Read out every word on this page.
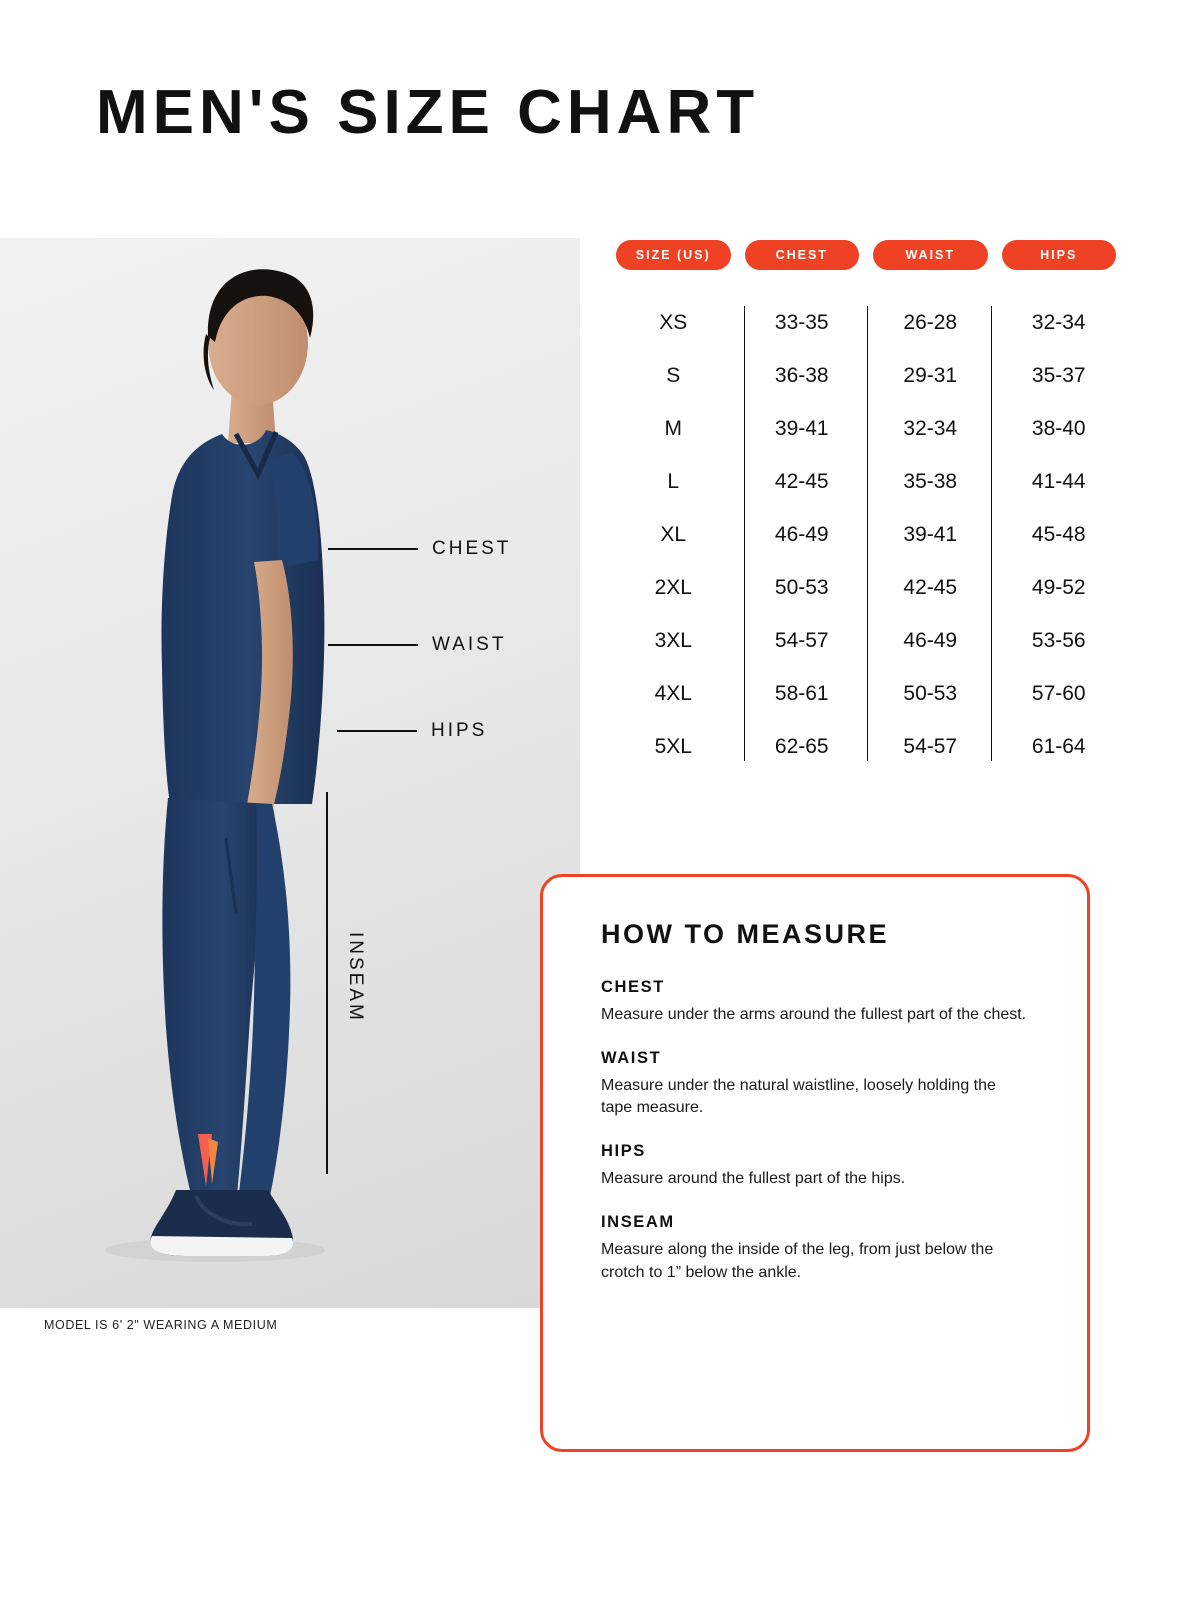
MEN'S SIZE CHART
MODEL IS 6' 2" WEARING A MEDIUM
CHEST
WAIST
HIPS
INSEAM
SIZE (US)	CHEST	WAIST	HIPS
XS	33-35	26-28	32-34
S	36-38	29-31	35-37
M	39-41	32-34	38-40
L	42-45	35-38	41-44
XL	46-49	39-41	45-48
2XL	50-53	42-45	49-52
3XL	54-57	46-49	53-56
4XL	58-61	50-53	57-60
5XL	62-65	54-57	61-64
HOW TO MEASURE
CHEST
Measure under the arms around the fullest part of the chest.
WAIST
Measure under the natural waistline, loosely holding the tape measure.
HIPS
Measure around the fullest part of the hips.
INSEAM
Measure along the inside of the leg, from just below the crotch to 1” below the ankle.
